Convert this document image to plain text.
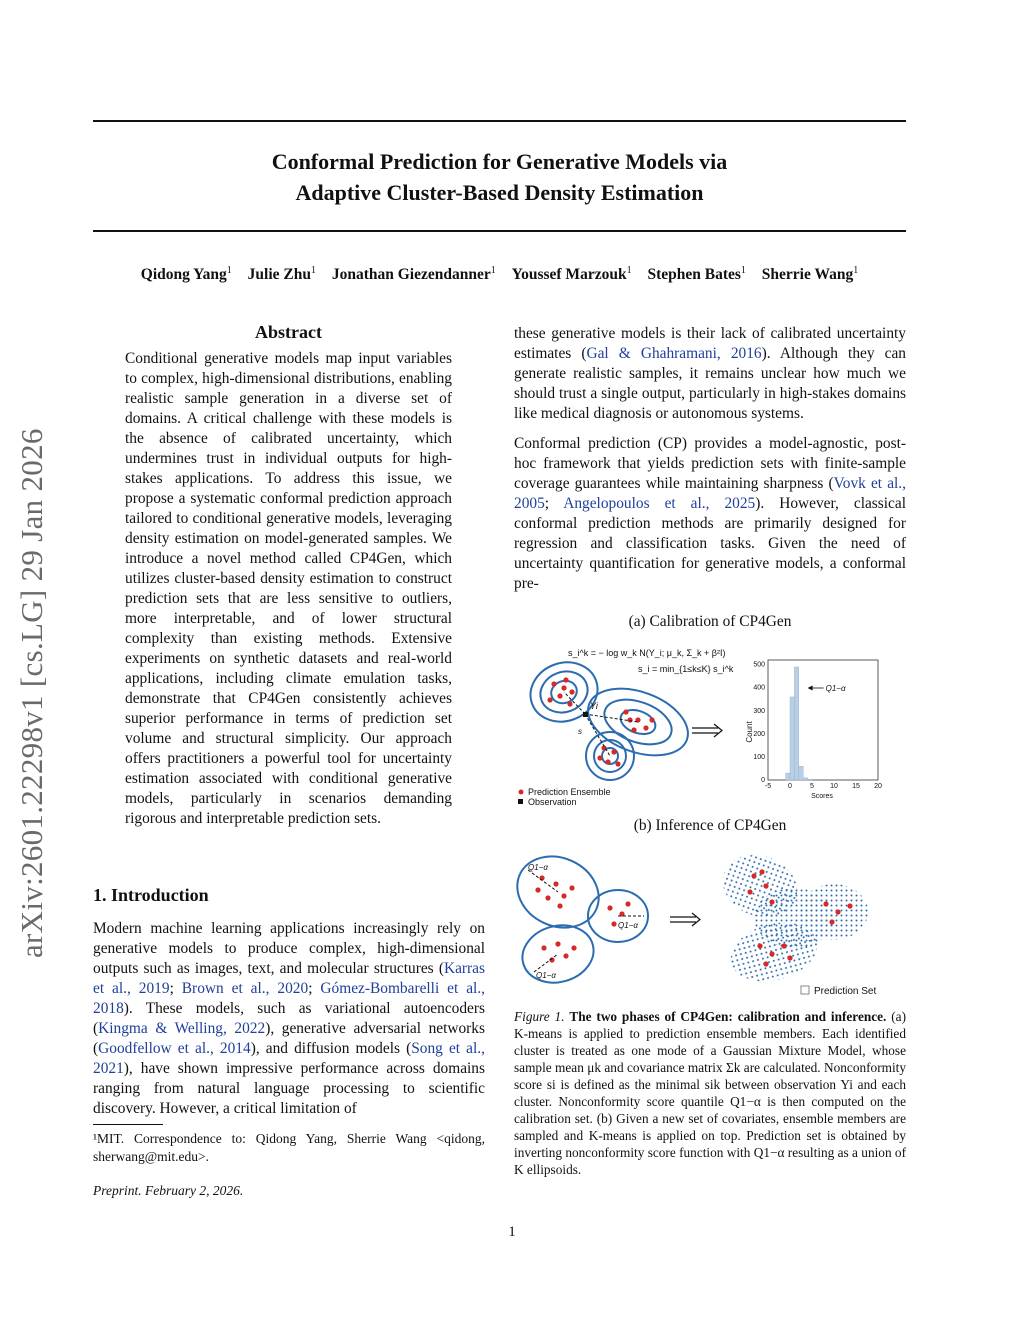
Conformal Prediction for Generative Models via
Adaptive Cluster-Based Density Estimation
Qidong Yang$^1$ Julie Zhu$^1$ Jonathan Giezendanner$^1$ Youssef Marzouk$^1$ Stephen Bates$^1$ Sherrie Wang$^1$
arXiv:2601.22298v1 [cs.LG] 29 Jan 2026
Abstract
Conditional generative models map input variables to complex, high-dimensional distributions, enabling realistic sample generation in a diverse set of domains. A critical challenge with these models is the absence of calibrated uncertainty, which undermines trust in individual outputs for high-stakes applications. To address this issue, we propose a systematic conformal prediction approach tailored to conditional generative models, leveraging density estimation on model-generated samples. We introduce a novel method called CP4Gen, which utilizes cluster-based density estimation to construct prediction sets that are less sensitive to outliers, more interpretable, and of lower structural complexity than existing methods. Extensive experiments on synthetic datasets and real-world applications, including climate emulation tasks, demonstrate that CP4Gen consistently achieves superior performance in terms of prediction set volume and structural simplicity. Our approach offers practitioners a powerful tool for uncertainty estimation associated with conditional generative models, particularly in scenarios demanding rigorous and interpretable prediction sets.
1. Introduction
Modern machine learning applications increasingly rely on generative models to produce complex, high-dimensional outputs such as images, text, and molecular structures (Karras et al., 2019; Brown et al., 2020; Gómez-Bombarelli et al., 2018). These models, such as variational autoencoders (Kingma & Welling, 2022), generative adversarial networks (Goodfellow et al., 2014), and diffusion models (Song et al., 2021), have shown impressive performance across domains ranging from natural language processing to scientific discovery. However, a critical limitation of
¹MIT. Correspondence to: Qidong Yang, Sherrie Wang <qidong, sherwang@mit.edu>.
Preprint. February 2, 2026.
these generative models is their lack of calibrated uncertainty estimates (Gal & Ghahramani, 2016). Although they can generate realistic samples, it remains unclear how much we should trust a single output, particularly in high-stakes domains like medical diagnosis or autonomous systems.
Conformal prediction (CP) provides a model-agnostic, post-hoc framework that yields prediction sets with finite-sample coverage guarantees while maintaining sharpness (Vovk et al., 2005; Angelopoulos et al., 2025). However, classical conformal prediction methods are primarily designed for regression and classification tasks. Given the need of uncertainty quantification for generative models, a conformal pre-
(a) Calibration of CP4Gen
s_i^k = − log w_k N(Y_i; μ_k, Σ_k + β²I)
s_i = min_{1≤k≤K} s_i^k
Yi
s
Prediction Ensemble
Observation
Count
Scores
-5 0	5 10 15 20
0
100
200
300
400
500
Q1−α
(b) Inference of CP4Gen
Q1−α
Q1−α
Q1−α
Prediction Set
Figure 1. The two phases of CP4Gen: calibration and inference. (a) K-means is applied to prediction ensemble members. Each identified cluster is treated as one mode of a Gaussian Mixture Model, whose sample mean μk and covariance matrix Σk are calculated. Nonconformity score si is defined as the minimal sik between observation Yi and each cluster. Nonconformity score quantile Q1−α is then computed on the calibration set. (b) Given a new set of covariates, ensemble members are sampled and K-means is applied on top. Prediction set is obtained by inverting nonconformity score function with Q1−α resulting as a union of K ellipsoids.
1
